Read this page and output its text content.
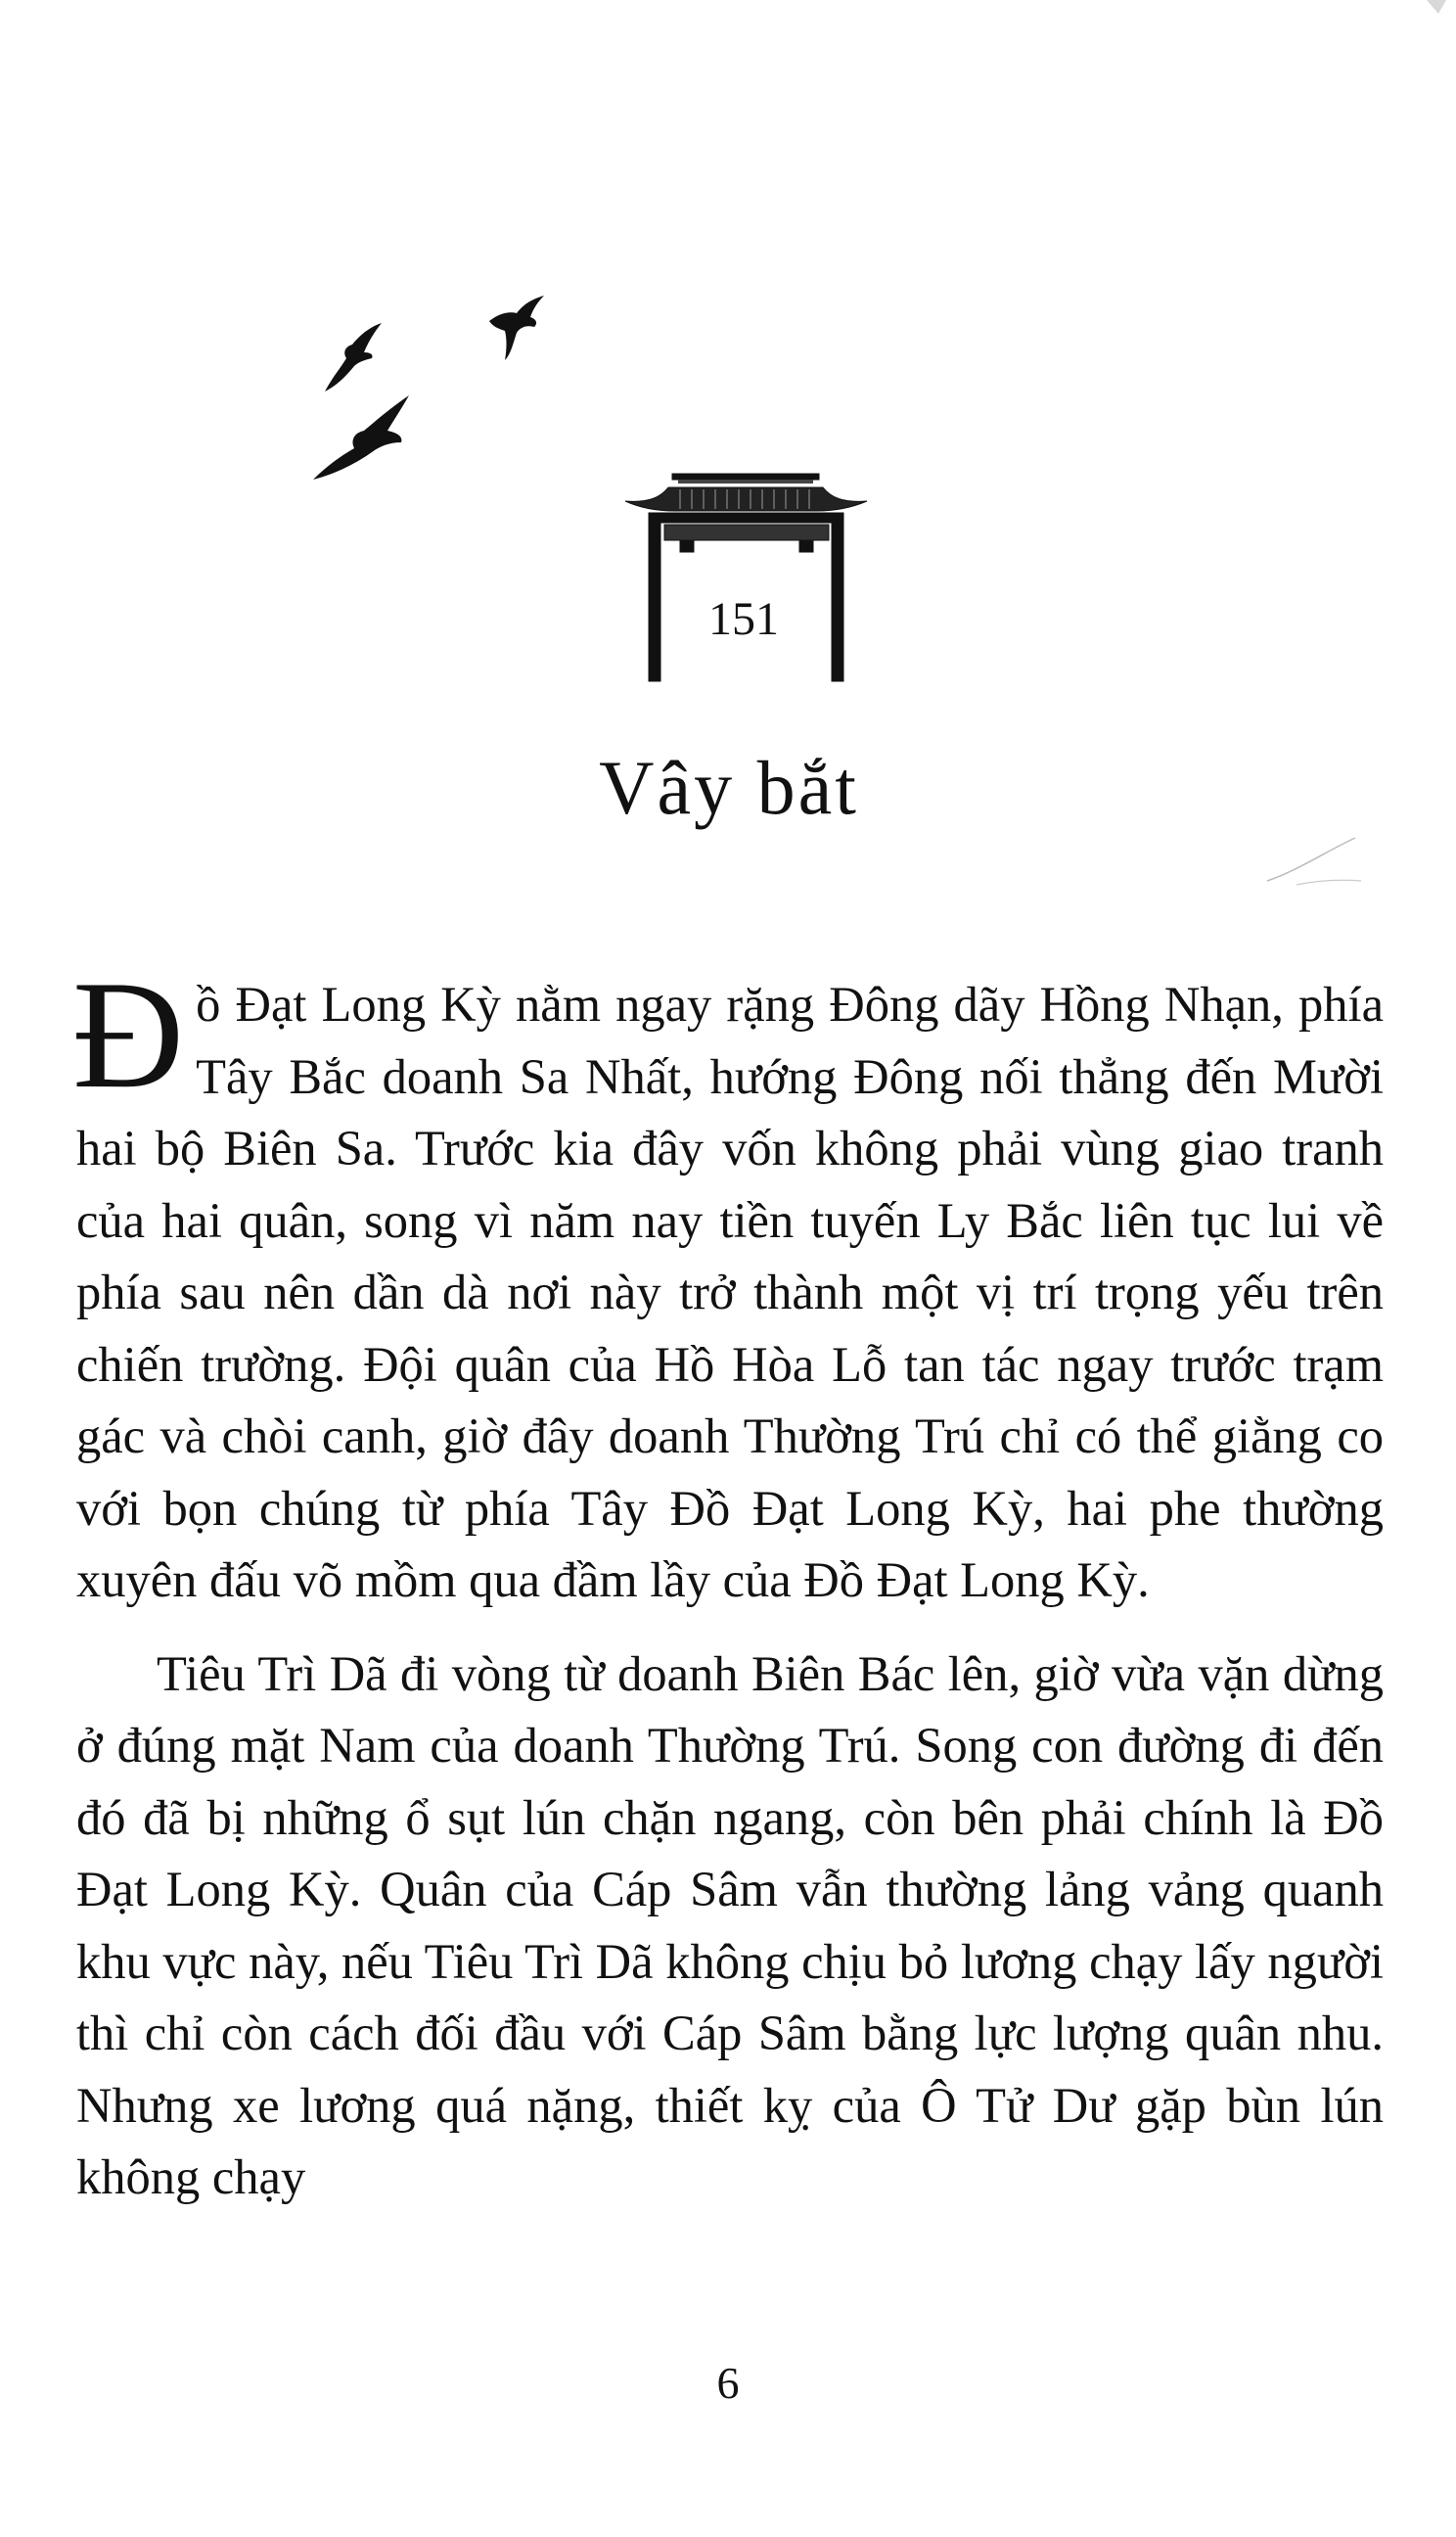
151
Vây bắt

Đồ Đạt Long Kỳ nằm ngay rặng Đông dãy Hồng Nhạn, phía Tây Bắc doanh Sa Nhất, hướng Đông nối thẳng đến Mười hai bộ Biên Sa. Trước kia đây vốn không phải vùng giao tranh của hai quân, song vì năm nay tiền tuyến Ly Bắc liên tục lui về phía sau nên dần dà nơi này trở thành một vị trí trọng yếu trên chiến trường. Đội quân của Hồ Hòa Lỗ tan tác ngay trước trạm gác và chòi canh, giờ đây doanh Thường Trú chỉ có thể giằng co với bọn chúng từ phía Tây Đồ Đạt Long Kỳ, hai phe thường xuyên đấu võ mồm qua đầm lầy của Đồ Đạt Long Kỳ.

Tiêu Trì Dã đi vòng từ doanh Biên Bác lên, giờ vừa vặn dừng ở đúng mặt Nam của doanh Thường Trú. Song con đường đi đến đó đã bị những ổ sụt lún chặn ngang, còn bên phải chính là Đồ Đạt Long Kỳ. Quân của Cáp Sâm vẫn thường lảng vảng quanh khu vực này, nếu Tiêu Trì Dã không chịu bỏ lương chạy lấy người thì chỉ còn cách đối đầu với Cáp Sâm bằng lực lượng quân nhu. Nhưng xe lương quá nặng, thiết kỵ của Ô Tử Dư gặp bùn lún không chạy

6
